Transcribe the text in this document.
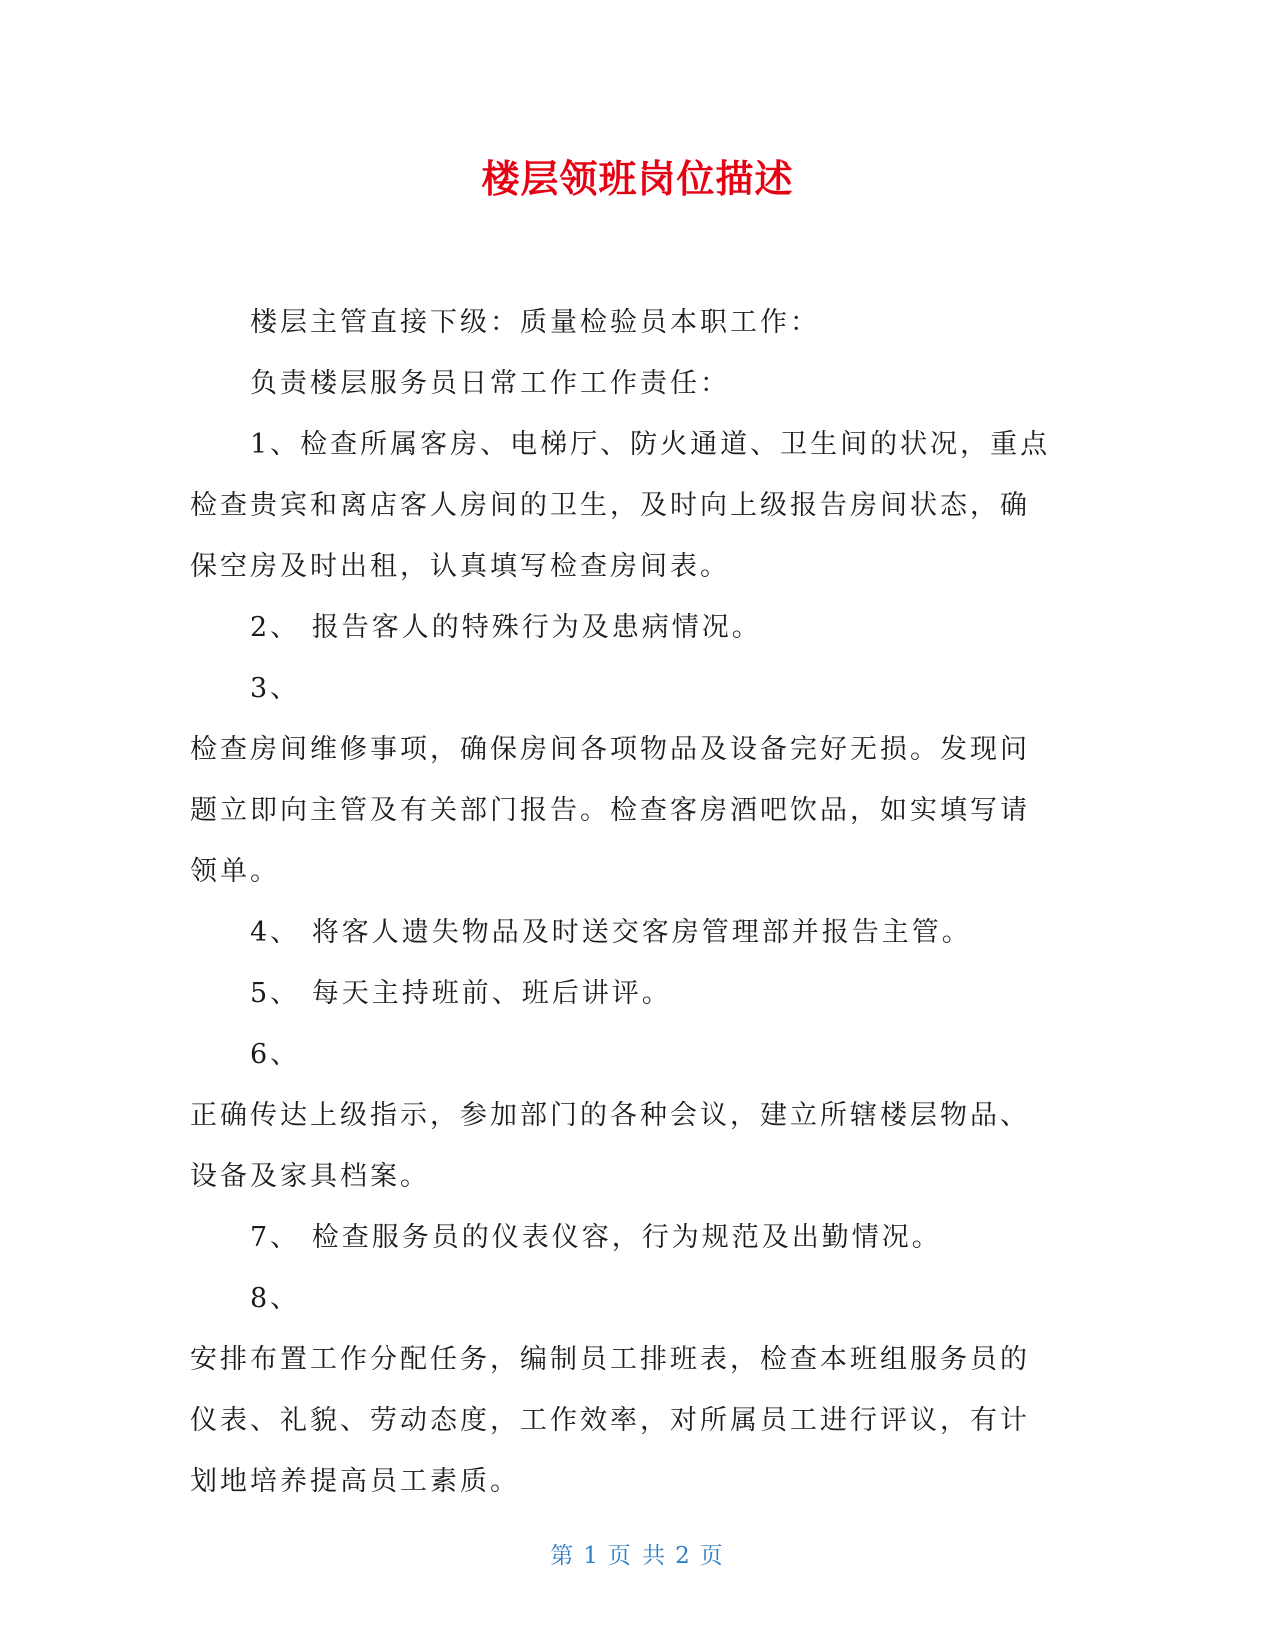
楼层领班岗位描述

楼层主管直接下级：质量检验员本职工作：

负责楼层服务员日常工作工作责任：

1、检查所属客房、电梯厅、防火通道、卫生间的状况，重点

检查贵宾和离店客人房间的卫生，及时向上级报告房间状态，确

保空房及时出租，认真填写检查房间表。

2、 报告客人的特殊行为及患病情况。

3、

检查房间维修事项，确保房间各项物品及设备完好无损。发现问

题立即向主管及有关部门报告。检查客房酒吧饮品，如实填写请

领单。

4、 将客人遗失物品及时送交客房管理部并报告主管。

5、 每天主持班前、班后讲评。

6、

正确传达上级指示，参加部门的各种会议，建立所辖楼层物品、

设备及家具档案。

7、 检查服务员的仪表仪容，行为规范及出勤情况。

8、

安排布置工作分配任务，编制员工排班表，检查本班组服务员的

仪表、礼貌、劳动态度，工作效率，对所属员工进行评议，有计

划地培养提高员工素质。

第 1 页 共 2 页
